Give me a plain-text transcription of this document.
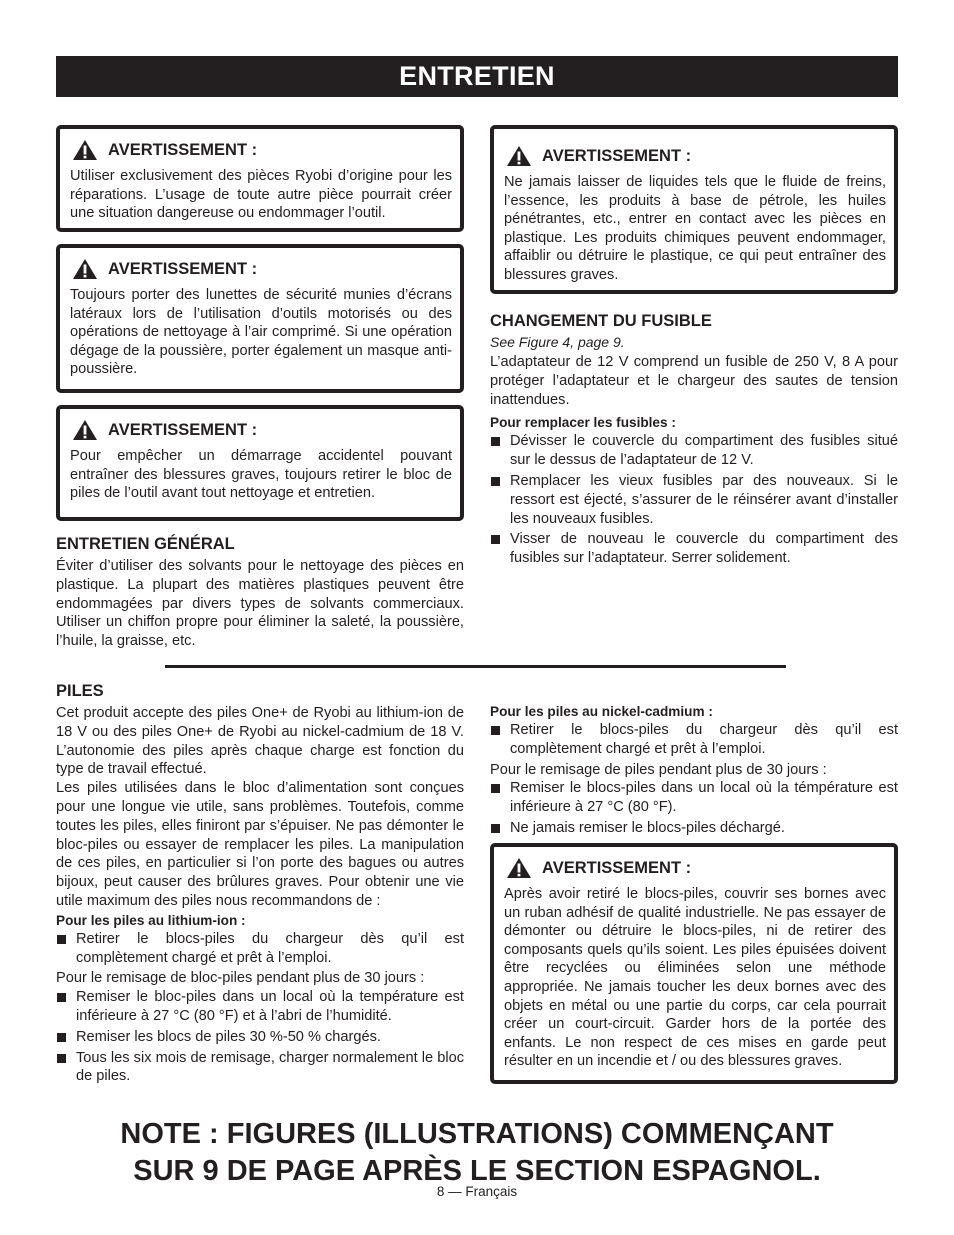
ENTRETIEN
AVERTISSEMENT :

Utiliser exclusivement des pièces Ryobi d’origine pour les réparations. L’usage de toute autre pièce pourrait créer une situation dangereuse ou endommager l’outil.

AVERTISSEMENT :

Toujours porter des lunettes de sécurité munies d’écrans latéraux lors de l’utilisation d’outils motorisés ou des opérations de nettoyage à l’air comprimé. Si une opération dégage de la poussière, porter également un masque anti-poussière.

AVERTISSEMENT :

Pour empêcher un démarrage accidentel pouvant entraîner des blessures graves, toujours retirer le bloc de piles de l’outil avant tout nettoyage et entretien.

ENTRETIEN GÉNÉRAL

Éviter d’utiliser des solvants pour le nettoyage des pièces en plastique. La plupart des matières plastiques peuvent être endommagées par divers types de solvants commerciaux. Utiliser un chiffon propre pour éliminer la saleté, la poussière, l’huile, la graisse, etc.

AVERTISSEMENT :

Ne jamais laisser de liquides tels que le fluide de freins, l’essence, les produits à base de pétrole, les huiles pénétrantes, etc., entrer en contact avec les pièces en plastique. Les produits chimiques peuvent endommager, affaiblir ou détruire le plastique, ce qui peut entraîner des blessures graves.

CHANGEMENT DU FUSIBLE

See Figure 4, page 9.

L’adaptateur de 12 V comprend un fusible de 250 V, 8 A pour protéger l’adaptateur et le chargeur des sautes de tension inattendues.

Pour remplacer les fusibles :
Dévisser le couvercle du compartiment des fusibles situé sur le dessus de l’adaptateur de 12 V.
Remplacer les vieux fusibles par des nouveaux. Si le ressort est éjecté, s’assurer de le réinsérer avant d’installer les nouveaux fusibles.
Visser de nouveau le couvercle du compartiment des fusibles sur l’adaptateur. Serrer solidement.
PILES

Cet produit accepte des piles One+ de Ryobi au lithium-ion de 18 V ou des piles One+ de Ryobi au nickel-cadmium de 18 V. L’autonomie des piles après chaque charge est fonction du type de travail effectué.

Les piles utilisées dans le bloc d’alimentation sont conçues pour une longue vie utile, sans problèmes. Toutefois, comme toutes les piles, elles finiront par s’épuiser. Ne pas démonter le bloc-piles ou essayer de remplacer les piles. La manipulation de ces piles, en particulier si l’on porte des bagues ou autres bijoux, peut causer des brûlures graves. Pour obtenir une vie utile maximum des piles nous recommandons de :

Pour les piles au lithium-ion :
Retirer le blocs-piles du chargeur dès qu’il est complètement chargé et prêt à l’emploi.

Pour le remisage de bloc-piles pendant plus de 30 jours :

Remiser le bloc-piles dans un local où la température est inférieure à 27 °C (80 °F) et à l’abri de l’humidité.
Remiser les blocs de piles 30 %-50 % chargés.
Tous les six mois de remisage, charger normalement le bloc de piles.
Pour les piles au nickel-cadmium :
Retirer le blocs-piles du chargeur dès qu’il est complètement chargé et prêt à l’emploi.

Pour le remisage de piles pendant plus de 30 jours :

Remiser le blocs-piles dans un local où la témpérature est inférieure à 27 °C (80 °F).
Ne jamais remiser le blocs-piles déchargé.
AVERTISSEMENT :

Après avoir retiré le blocs-piles, couvrir ses bornes avec un ruban adhésif de qualité industrielle. Ne pas essayer de démonter ou détruire le blocs-piles, ni de retirer des composants quels qu’ils soient. Les piles épuisées doivent être recyclées ou éliminées selon une méthode appropriée. Ne jamais toucher les deux bornes avec des objets en métal ou une partie du corps, car cela pourrait créer un court-circuit. Garder hors de la portée des enfants. Le non respect de ces mises en garde peut résulter en un incendie et / ou des blessures graves.

NOTE : FIGURES (ILLUSTRATIONS) COMMENÇANT
SUR 9 DE PAGE APRÈS LE SECTION ESPAGNOL.
8 — Français
